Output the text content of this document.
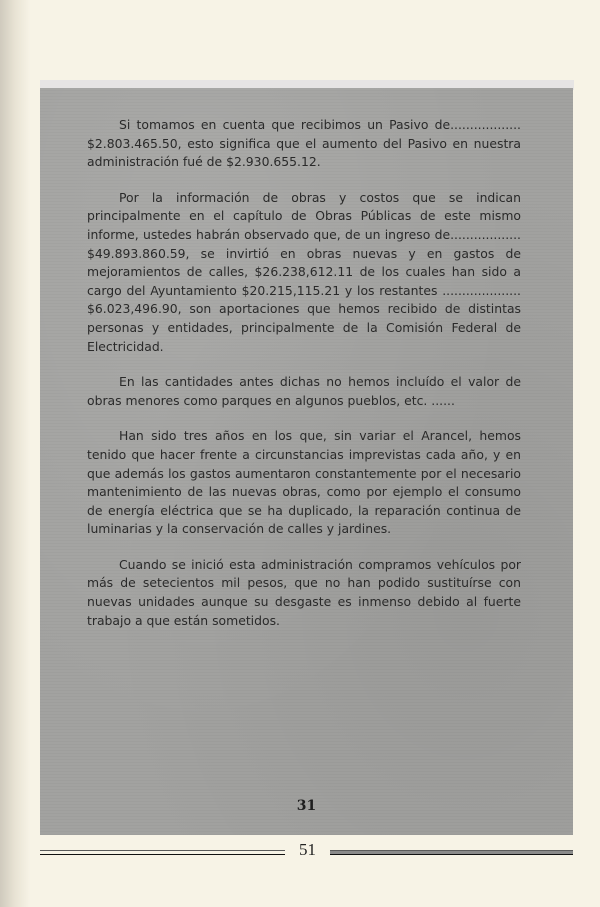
Si tomamos en cuenta que recibimos un Pasivo de.................. $2.803.465.50, esto significa que el aumento del Pasivo en nuestra administración fué de $2.930.655.12.

Por la información de obras y costos que se indican principalmente en el capítulo de Obras Públicas de este mismo informe, ustedes habrán observado que, de un ingreso de.................. $49.893.860.59, se invirtió en obras nuevas y en gastos de mejoramientos de calles, $26.238,612.11 de los cuales han sido a cargo del Ayuntamiento $20.215,115.21 y los restantes .................... $6.023,496.90, son aportaciones que hemos recibido de distintas personas y entidades, principalmente de la Comisión Federal de Electricidad.

En las cantidades antes dichas no hemos incluído el valor de obras menores como parques en algunos pueblos, etc. ......

Han sido tres años en los que, sin variar el Arancel, hemos tenido que hacer frente a circunstancias imprevistas cada año, y en que además los gastos aumentaron constantemente por el necesario mantenimiento de las nuevas obras, como por ejemplo el consumo de energía eléctrica que se ha duplicado, la reparación continua de luminarias y la conservación de calles y jardines.

Cuando se inició esta administración compramos vehículos por más de setecientos mil pesos, que no han podido sustituírse con nuevas unidades aunque su desgaste es inmenso debido al fuerte trabajo a que están sometidos.

31
51
